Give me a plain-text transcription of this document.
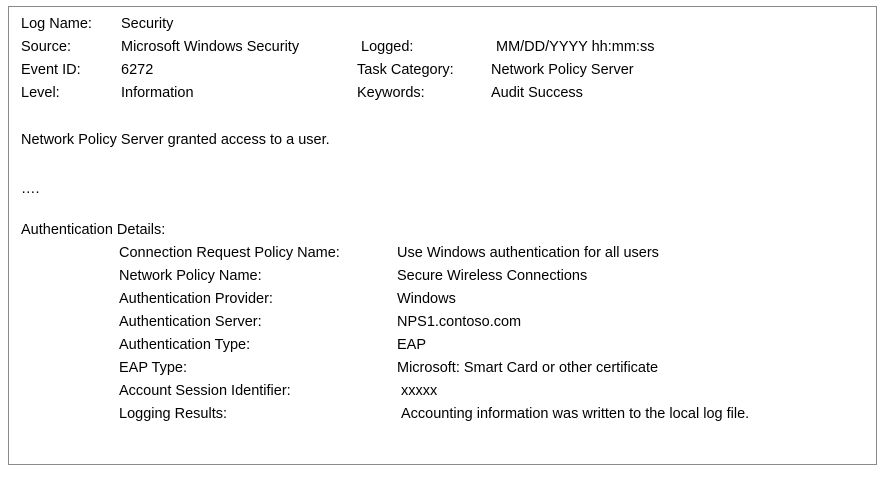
Log Name: Security
Source:	Microsoft Windows Security	Logged:	MM/DD/YYYY hh:mm:ss
Event ID:	6272	Task Category:	Network Policy Server
Level:	Information	Keywords:	Audit Success
Network Policy Server granted access to a user.
….
Authentication Details:
Connection Request Policy Name:	Use Windows authentication for all users
Network Policy Name:	Secure Wireless Connections
Authentication Provider:	Windows
Authentication Server:	NPS1.contoso.com
Authentication Type:	EAP
EAP Type:	Microsoft: Smart Card or other certificate
Account Session Identifier:	xxxxx
Logging Results:	Accounting information was written to the local log file.
